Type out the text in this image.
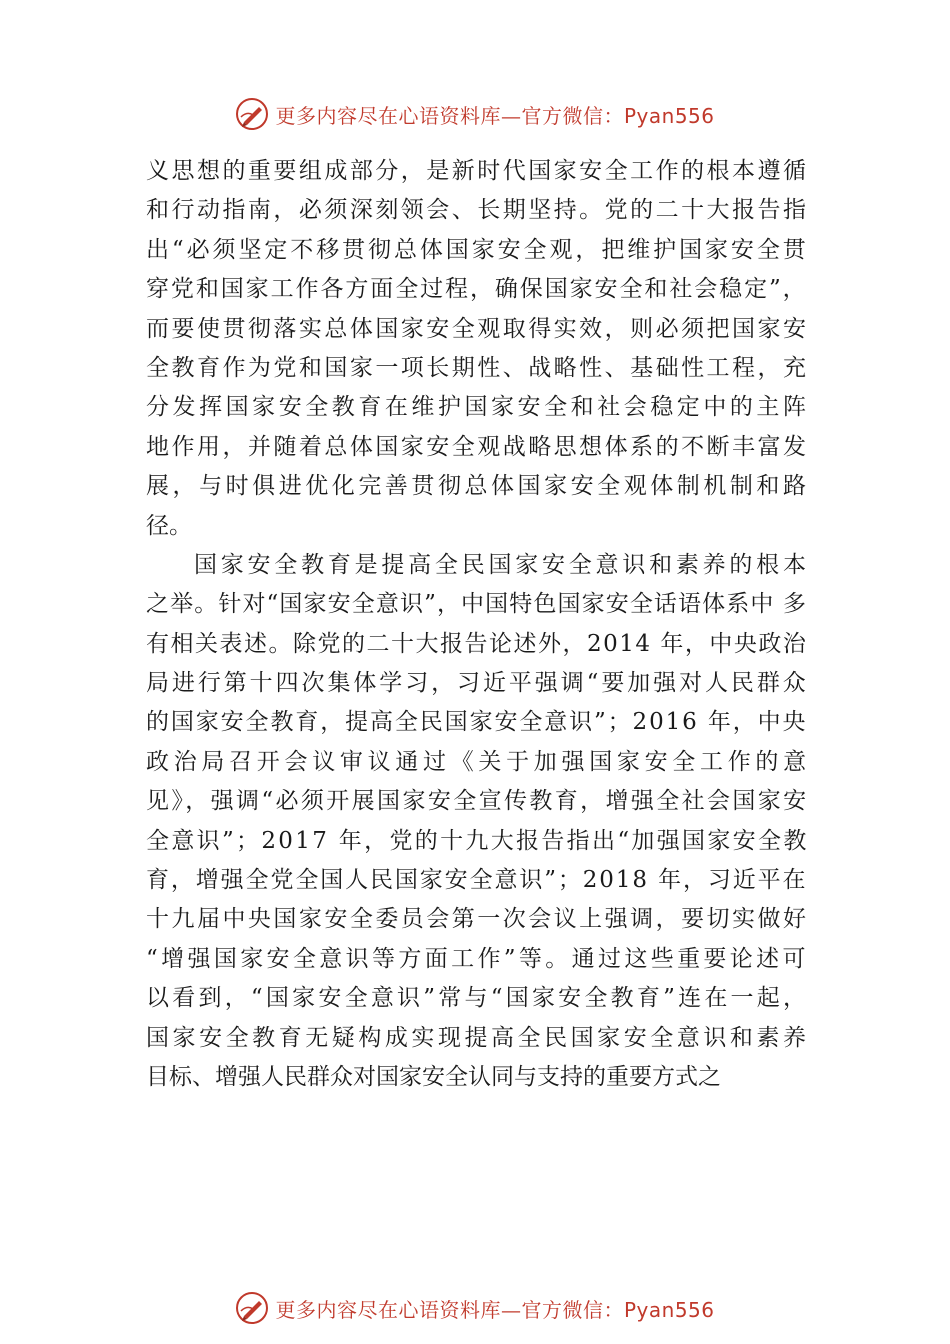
更多内容尽在心语资料库—官方微信：Pyan556
义思想的重要组成部分，是新时代国家安全工作的根本遵循
和行动指南，必须深刻领会、长期坚持。党的二十大报告指
出“必须坚定不移贯彻总体国家安全观，把维护国家安全贯
穿党和国家工作各方面全过程，确保国家安全和社会稳定”，
而要使贯彻落实总体国家安全观取得实效，则必须把国家安
全教育作为党和国家一项长期性、战略性、基础性工程，充
分发挥国家安全教育在维护国家安全和社会稳定中的主阵
地作用，并随着总体国家安全观战略思想体系的不断丰富发
展，与时俱进优化完善贯彻总体国家安全观体制机制和路
径。
国家安全教育是提高全民国家安全意识和素养的根本
之举。针对“国家安全意识”，中国特色国家安全话语体系中 多
有相关表述。除党的二十大报告论述外，2014 年，中央政治
局进行第十四次集体学习，习近平强调“要加强对人民群众
的国家安全教育，提高全民国家安全意识”；2016 年，中央
政治局召开会议审议通过《关于加强国家安全工作的意
见》，强调“必须开展国家安全宣传教育，增强全社会国家安
全意识”；2017 年，党的十九大报告指出“加强国家安全教
育，增强全党全国人民国家安全意识”；2018 年，习近平在
十九届中央国家安全委员会第一次会议上强调，要切实做好
“增强国家安全意识等方面工作”等。通过这些重要论述可
以看到，“国家安全意识”常与“国家安全教育”连在一起，
国家安全教育无疑构成实现提高全民国家安全意识和素养
目标、增强人民群众对国家安全认同与支持的重要方式之
更多内容尽在心语资料库—官方微信：Pyan556
